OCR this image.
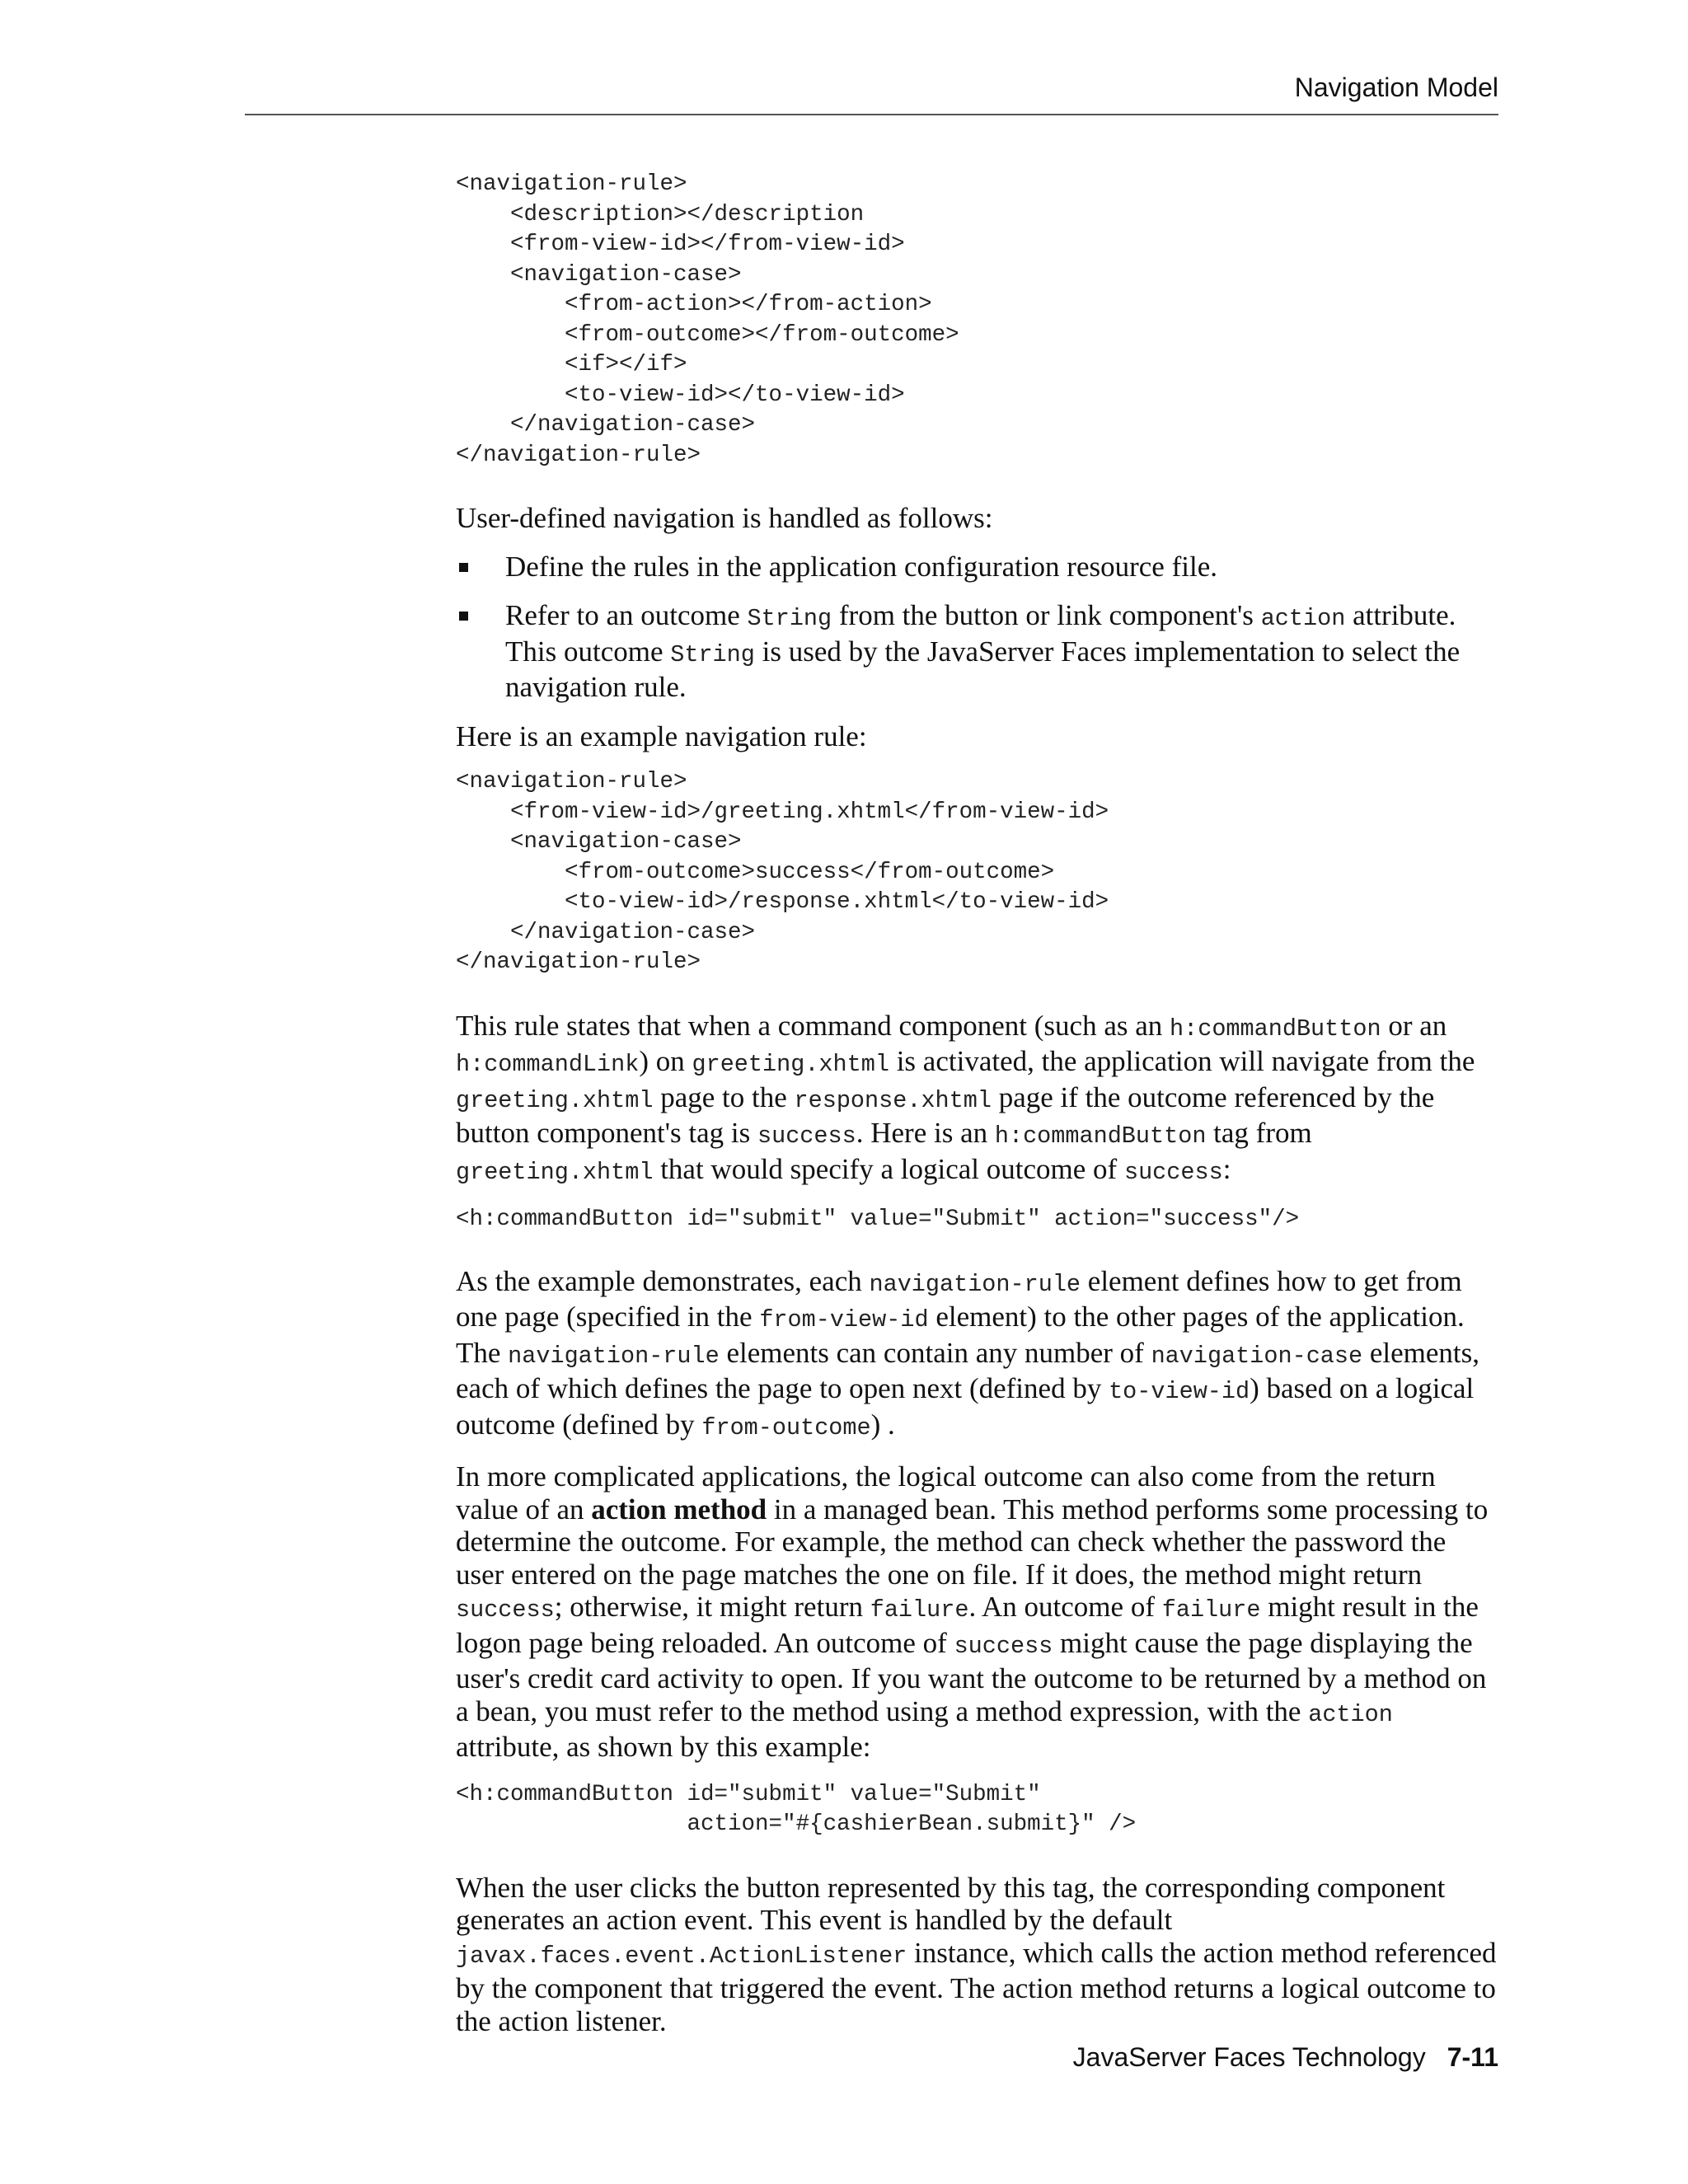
Navigation Model
<navigation-rule>
<description></description
<from-view-id></from-view-id>
<navigation-case>
<from-action></from-action>
<from-outcome></from-outcome>
<if></if>
<to-view-id></to-view-id>
</navigation-case>
</navigation-rule>

User-defined navigation is handled as follows:

Define the rules in the application configuration resource file.
Refer to an outcome String from the button or link component's action attribute. This outcome String is used by the JavaServer Faces implementation to select the navigation rule.

Here is an example navigation rule:

<navigation-rule>
<from-view-id>/greeting.xhtml</from-view-id>
<navigation-case>
<from-outcome>success</from-outcome>
<to-view-id>/response.xhtml</to-view-id>
</navigation-case>
</navigation-rule>

This rule states that when a command component (such as an h:commandButton or an h:commandLink) on greeting.xhtml is activated, the application will navigate from the greeting.xhtml page to the response.xhtml page if the outcome referenced by the button component's tag is success. Here is an h:commandButton tag from greeting.xhtml that would specify a logical outcome of success:

<h:commandButton id="submit" value="Submit" action="success"/>

As the example demonstrates, each navigation-rule element defines how to get from one page (specified in the from-view-id element) to the other pages of the application. The navigation-rule elements can contain any number of navigation-case elements, each of which defines the page to open next (defined by to-view-id) based on a logical outcome (defined by from-outcome) .

In more complicated applications, the logical outcome can also come from the return value of an action method in a managed bean. This method performs some processing to determine the outcome. For example, the method can check whether the password the user entered on the page matches the one on file. If it does, the method might return success; otherwise, it might return failure. An outcome of failure might result in the logon page being reloaded. An outcome of success might cause the page displaying the user's credit card activity to open. If you want the outcome to be returned by a method on a bean, you must refer to the method using a method expression, with the action attribute, as shown by this example:

<h:commandButton id="submit" value="Submit"
action="#{cashierBean.submit}" />

When the user clicks the button represented by this tag, the corresponding component generates an action event. This event is handled by the default javax.faces.event.ActionListener instance, which calls the action method referenced by the component that triggered the event. The action method returns a logical outcome to the action listener.

JavaServer Faces Technology 7-11
